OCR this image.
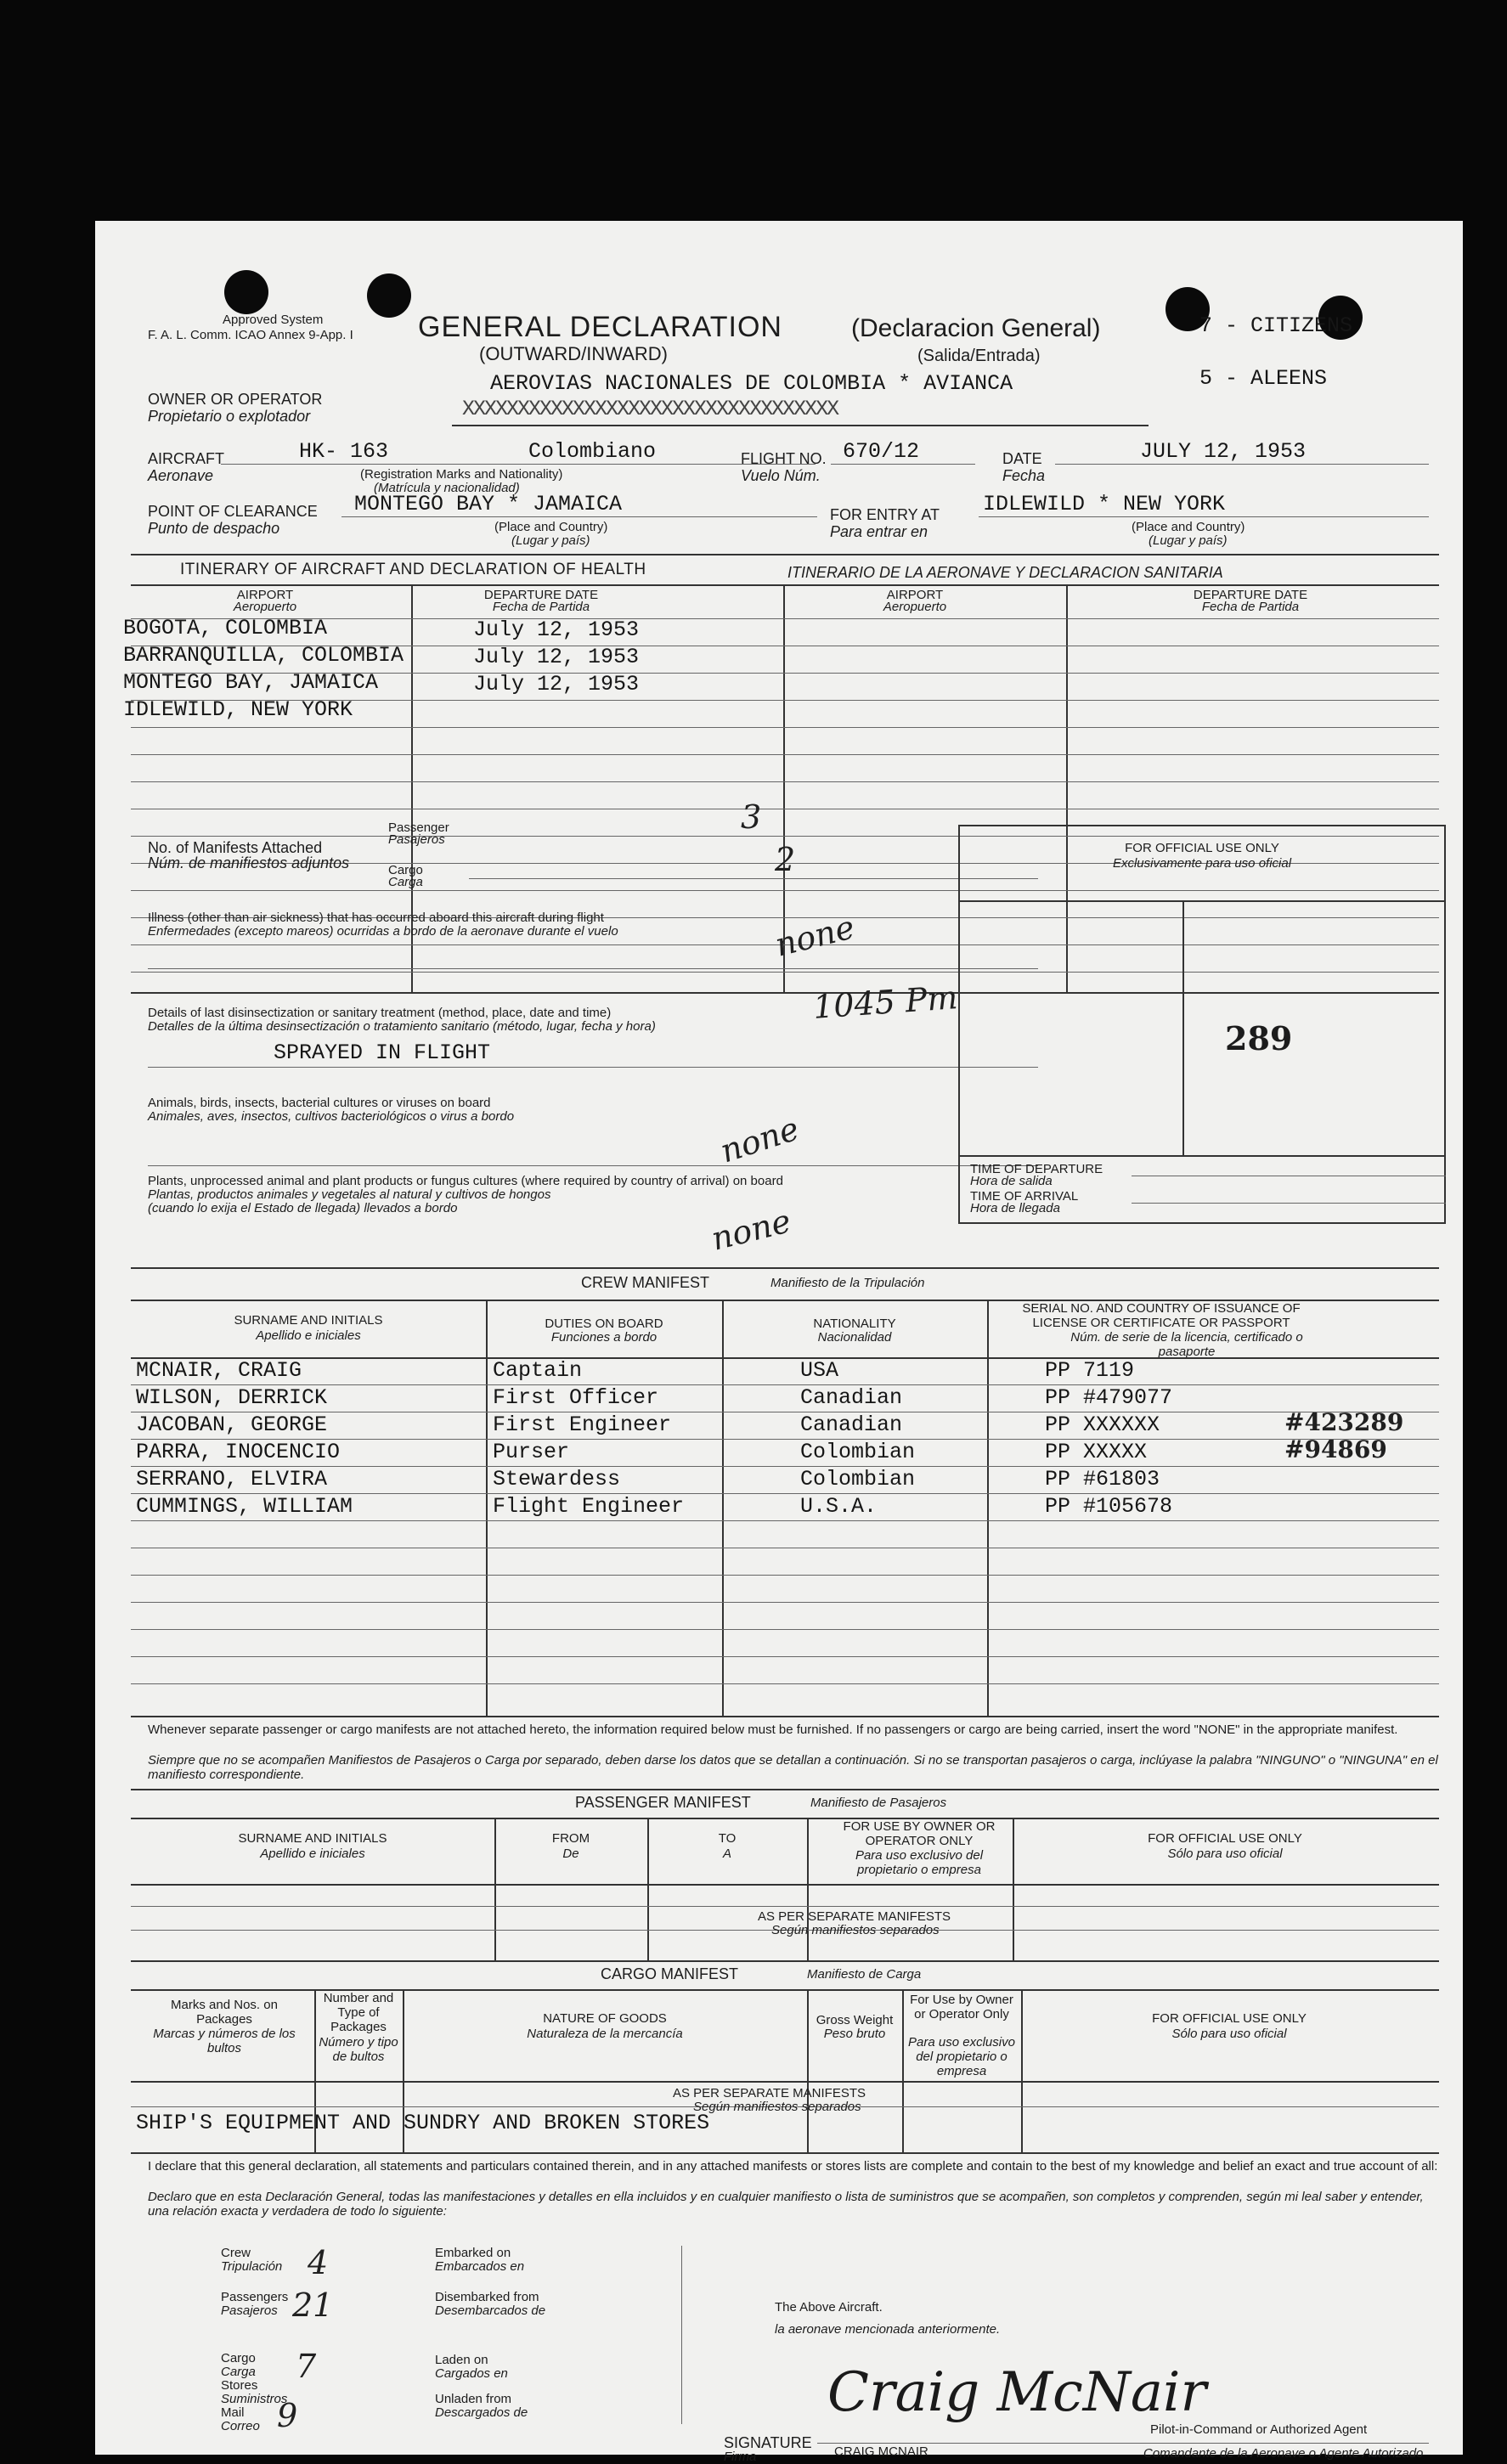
Approved System
F. A. L. Comm. ICAO Annex 9-App. I GENERAL DECLARATION
(OUTWARD/INWARD)
(Declaracion General)
(Salida/Entrada)
7 - CITIZENS
5 - ALEENS
OWNER OR OPERATOR
Propietario o explotador
AEROVIAS NACIONALES DE COLOMBIA * AVIANCA
XXXXXXXXXXXXXXXXXXXXXXXXXXXXXXXXXX
AIRCRAFT
Aeronave
HK- 163	Colombiano
(Registration Marks and Nationality)
(Matrícula y nacionalidad)
FLIGHT NO.
Vuelo Núm.
670/12	DATE
Fecha
JULY 12, 1953
POINT OF CLEARANCE
Punto de despacho
MONTEGO BAY * JAMAICA
(Place and Country)
(Lugar y país)
FOR ENTRY AT
Para entrar en
IDLEWILD * NEW YORK
(Place and Country)
(Lugar y país)
ITINERARY OF AIRCRAFT AND DECLARATION OF HEALTH	ITINERARIO DE LA AERONAVE Y DECLARACION SANITARIA
AIRPORT
Aeropuerto
DEPARTURE DATE
Fecha de Partida
AIRPORT
Aeropuerto
DEPARTURE DATE
Fecha de Partida
BOGOTA, COLOMBIA	July 12, 1953
BARRANQUILLA, COLOMBIA	July 12, 1953
MONTEGO BAY, JAMAICA	July 12, 1953
IDLEWILD, NEW YORK
No. of Manifests Attached
Núm. de manifiestos adjuntos
Passenger
Pasajeros
3
Cargo
Carga
2
Illness (other than air sickness) that has occurred aboard this aircraft during flight
Enfermedades (excepto mareos) ocurridas a bordo de la aeronave durante el vuelo	none
Details of last disinsectization or sanitary treatment (method, place, date and time)
Detalles de la última desinsectización o tratamiento sanitario (método, lugar, fecha y hora)
1045 Pm
SPRAYED IN FLIGHT
Animals, birds, insects, bacterial cultures or viruses on board
Animales, aves, insectos, cultivos bacteriológicos o virus a bordo	none
Plants, unprocessed animal and plant products or fungus cultures (where required by country of arrival) on board
Plantas, productos animales y vegetales al natural y cultivos de hongos
(cuando lo exija el Estado de llegada) llevados a bordo	none
FOR OFFICIAL USE ONLY
Exclusivamente para uso oficial
289
TIME OF DEPARTURE
Hora de salida
TIME OF ARRIVAL
Hora de llegada
CREW MANIFEST	Manifiesto de la Tripulación
SURNAME AND INITIALS
Apellido e iniciales
DUTIES ON BOARD
Funciones a bordo
NATIONALITY
Nacionalidad
SERIAL NO. AND COUNTRY OF ISSUANCE OF LICENSE OR CERTIFICATE OR PASSPORT
Núm. de serie de la licencia, certificado o pasaporte
MCNAIR, CRAIG	Captain	USA	PP 7119
WILSON, DERRICK	First Officer	Canadian	PP #479077
JACOBAN, GEORGE	First Engineer	Canadian	PP XXXXXX	#423289
PARRA, INOCENCIO	Purser	Colombian	PP XXXXX	#94869
SERRANO, ELVIRA	Stewardess	Colombian	PP #61803
CUMMINGS, WILLIAM	Flight Engineer	U.S.A.	PP #105678
Whenever separate passenger or cargo manifests are not attached hereto, the information required below must be furnished. If no passengers or cargo are being carried, insert the word "NONE" in the appropriate manifest.
Siempre que no se acompañen Manifiestos de Pasajeros o Carga por separado, deben darse los datos que se detallan a continuación. Si no se transportan pasajeros o carga, inclúyase la palabra "NINGUNO" o "NINGUNA" en el manifiesto correspondiente.
PASSENGER MANIFEST	Manifiesto de Pasajeros
SURNAME AND INITIALS
Apellido e iniciales
FROM
De
TO
A
FOR USE BY OWNER OR OPERATOR ONLY
Para uso exclusivo del propietario o empresa
FOR OFFICIAL USE ONLY
Sólo para uso oficial
AS PER SEPARATE MANIFESTS
Según manifiestos separados
CARGO MANIFEST	Manifiesto de Carga
Marks and Nos. on Packages
Marcas y números de los bultos
Number and Type of Packages
Número y tipo de bultos
NATURE OF GOODS
Naturaleza de la mercancía
Gross Weight
Peso bruto
For Use by Owner or Operator Only
Para uso exclusivo del propietario o empresa
FOR OFFICIAL USE ONLY
Sólo para uso oficial
AS PER SEPARATE MANIFESTS
Según manifiestos separados
SHIP'S EQUIPMENT AND SUNDRY AND BROKEN STORES
I declare that this general declaration, all statements and particulars contained therein, and in any attached manifests or stores lists are complete and contain to the best of my knowledge and belief an exact and true account of all:
Declaro que en esta Declaración General, todas las manifestaciones y detalles en ella incluidos y en cualquier manifiesto o lista de suministros que se acompañen, son completos y comprenden, según mi leal saber y entender, una relación exacta y verdadera de todo lo siguiente:
Crew
Tripulación 4
Passengers
Pasajeros 21
Cargo
Carga 7
Stores
Suministros
Mail
Correo 9
Embarked on
Embarcados en
Disembarked from
Desembarcados de
Laden on
Cargados en
Unladen from
Descargados de
The Above Aircraft.
la aeronave mencionada anteriormente.
Craig McNair
SIGNATURE
Firma	CRAIG MCNAIR
Pilot-in-Command or Authorized Agent
Comandante de la Aeronave o Agente Autorizado
